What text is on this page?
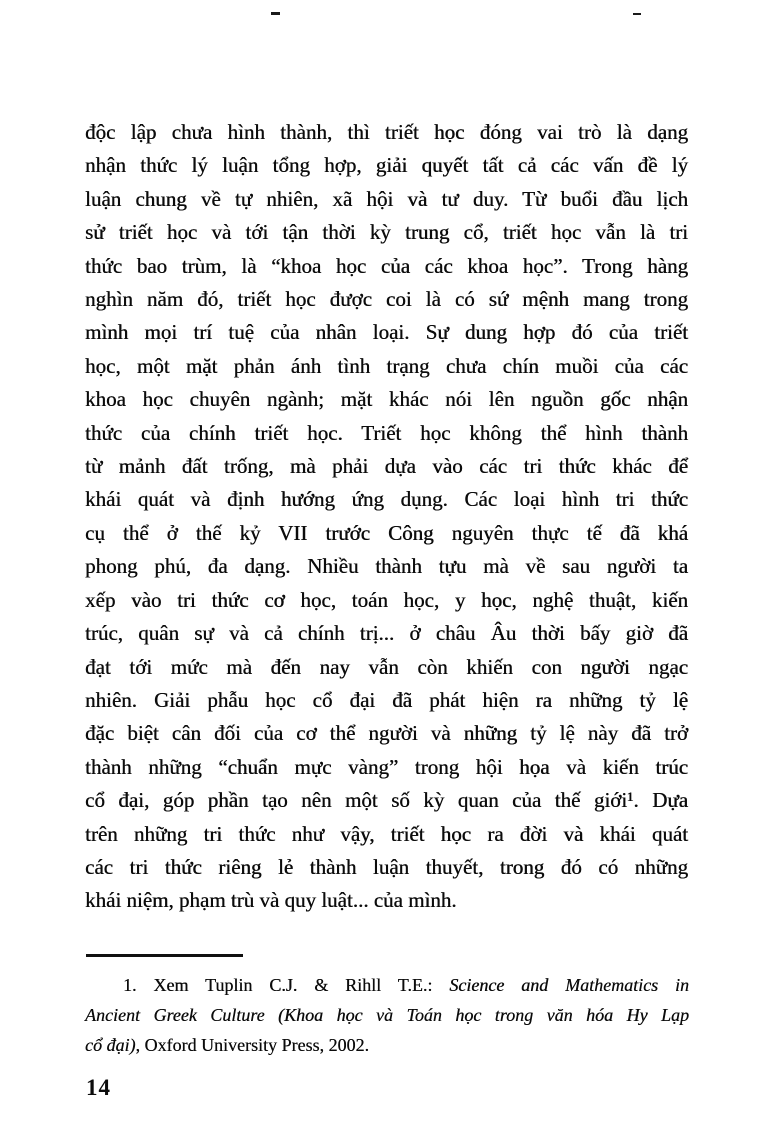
độc lập chưa hình thành, thì triết học đóng vai trò là dạng
nhận thức lý luận tổng hợp, giải quyết tất cả các vấn đề lý
luận chung về tự nhiên, xã hội và tư duy. Từ buổi đầu lịch
sử triết học và tới tận thời kỳ trung cổ, triết học vẫn là tri
thức bao trùm, là “khoa học của các khoa học”. Trong hàng
nghìn năm đó, triết học được coi là có sứ mệnh mang trong
mình mọi trí tuệ của nhân loại. Sự dung hợp đó của triết
học, một mặt phản ánh tình trạng chưa chín muồi của các
khoa học chuyên ngành; mặt khác nói lên nguồn gốc nhận
thức của chính triết học. Triết học không thể hình thành
từ mảnh đất trống, mà phải dựa vào các tri thức khác để
khái quát và định hướng ứng dụng. Các loại hình tri thức
cụ thể ở thế kỷ VII trước Công nguyên thực tế đã khá
phong phú, đa dạng. Nhiều thành tựu mà về sau người ta
xếp vào tri thức cơ học, toán học, y học, nghệ thuật, kiến
trúc, quân sự và cả chính trị... ở châu Âu thời bấy giờ đã
đạt tới mức mà đến nay vẫn còn khiến con người ngạc
nhiên. Giải phẫu học cổ đại đã phát hiện ra những tỷ lệ
đặc biệt cân đối của cơ thể người và những tỷ lệ này đã trở
thành những “chuẩn mực vàng” trong hội họa và kiến trúc
cổ đại, góp phần tạo nên một số kỳ quan của thế giới¹. Dựa
trên những tri thức như vậy, triết học ra đời và khái quát
các tri thức riêng lẻ thành luận thuyết, trong đó có những
khái niệm, phạm trù và quy luật... của mình.
1. Xem Tuplin C.J. & Rihll T.E.: Science and Mathematics in
Ancient Greek Culture (Khoa học và Toán học trong văn hóa Hy Lạp
cổ đại), Oxford University Press, 2002.
14
